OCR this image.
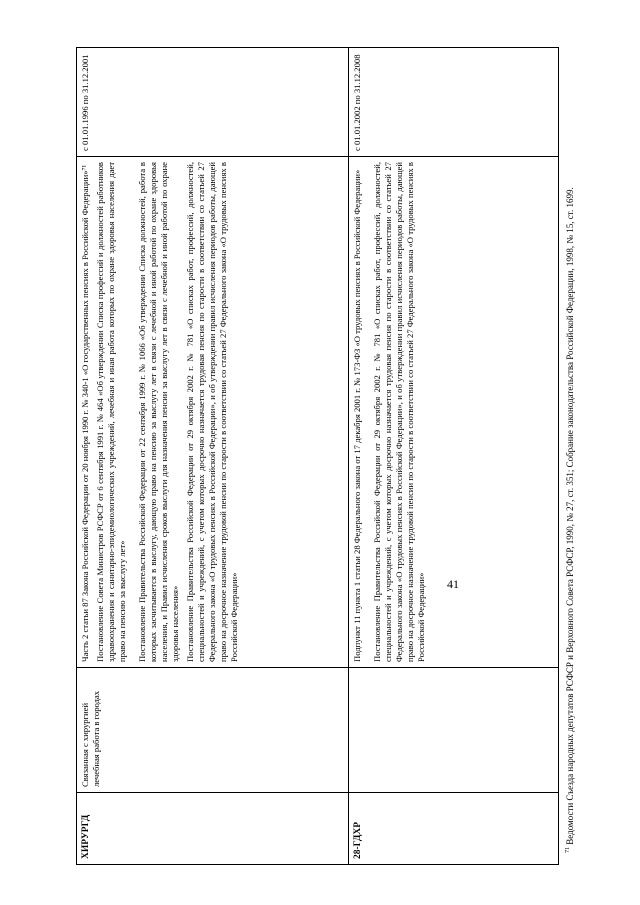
ХИРУРГД	Связанная с хирургией лечебная работа в городах	Часть 2 статьи 87 Закона Российской Федерации от 20 ноября 1990 г. № 340-1 «О государственных пенсиях в Российской Федерации»⁷¹ Постановление Совета Министров РСФСР от 6 сентября 1991 г. № 464 «Об утверждении Списка профессий и должностей работников здравоохранения и санитарно-эпидемиологических учреждений, лечебная и иная работа которых по охране здоровья населения дает право на пенсию за выслугу лет» Постановление Правительства Российской Федерации от 22 сентября 1999 г. № 1066 «Об утверждении Списка должностей, работа в которых засчитывается в выслугу, дающую право на пенсию за выслугу лет в связи с лечебной и иной работой по охране здоровья населения, и Правил исчисления сроков выслуги для назначения пенсии за выслугу лет в связи с лечебной и иной работой по охране здоровья населения» Постановление Правительства Российской Федерации от 29 октября 2002 г. № 781 «О списках работ, профессий, должностей, специальностей и учреждений, с учетом которых досрочно назначается трудовая пенсия по старости в соответствии со статьей 27 Федерального закона «О трудовых пенсиях в Российской Федерации», и об утверждении правил исчисления периодов работы, дающей право на досрочное назначение трудовой пенсии по старости в соответствии со статьей 27 Федерального закона «О трудовых пенсиях в Российской Федерации»	с 01.01.1996 по 31.12.2001
28-ГДХР		Подпункт 11 пункта 1 статьи 28 Федерального закона от 17 декабря 2001 г. № 173-ФЗ «О трудовых пенсиях в Российской Федерации» Постановление Правительства Российской Федерации от 29 октября 2002 г. № 781 «О списках работ, профессий, должностей, специальностей и учреждений, с учетом которых досрочно назначается трудовая пенсия по старости в соответствии со статьей 27 Федерального закона «О трудовых пенсиях в Российской Федерации», и об утверждении правил исчисления периодов работы, дающей право на досрочное назначение трудовой пенсии по старости в соответствии со статьей 27 Федерального закона «О трудовых пенсиях в Российской Федерации»	с 01.01.2002 по 31.12.2008
$^{71}$ Ведомости Съезда народных депутатов РСФСР и Верховного Совета РСФСР, 1990, № 27, ст. 351; Собрание законодательства Российской Федерации, 1998, № 15, ст. 1699.
41
